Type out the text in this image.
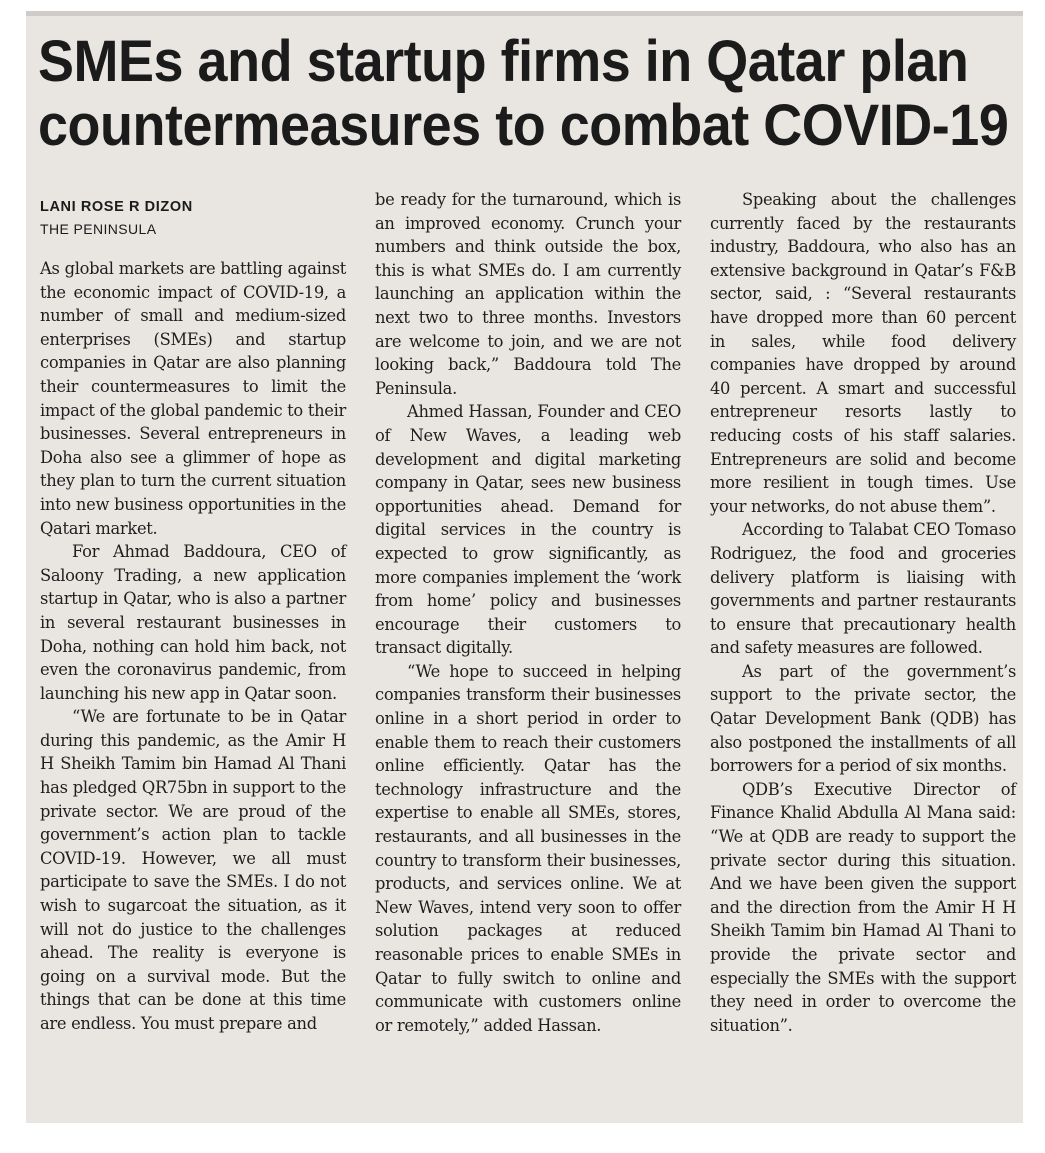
SMEs and startup firms in Qatar plan
countermeasures to combat COVID-19
LANI ROSE R DIZON
THE PENINSULA

As global markets are battling against the economic impact of COVID-19, a number of small and medium-sized enterprises (SMEs) and startup companies in Qatar are also planning their countermeasures to limit the impact of the global pandemic to their businesses. Several entrepreneurs in Doha also see a glimmer of hope as they plan to turn the current situation into new business opportunities in the Qatari market.

For Ahmad Baddoura, CEO of Saloony Trading, a new application startup in Qatar, who is also a partner in several restaurant businesses in Doha, nothing can hold him back, not even the coronavirus pandemic, from launching his new app in Qatar soon.

“We are fortunate to be in Qatar during this pandemic, as the Amir H H Sheikh Tamim bin Hamad Al Thani has pledged QR75bn in support to the private sector. We are proud of the government’s action plan to tackle COVID-19. However, we all must participate to save the SMEs. I do not wish to sugarcoat the situation, as it will not do justice to the challenges ahead. The reality is everyone is going on a survival mode. But the things that can be done at this time are endless. You must prepare and

be ready for the turnaround, which is an improved economy. Crunch your numbers and think outside the box, this is what SMEs do. I am currently launching an application within the next two to three months. Investors are welcome to join, and we are not looking back,” Baddoura told The Peninsula.

Ahmed Hassan, Founder and CEO of New Waves, a leading web development and digital marketing company in Qatar, sees new business opportunities ahead. Demand for digital services in the country is expected to grow significantly, as more companies implement the ‘work from home’ policy and businesses encourage their customers to transact digitally.

“We hope to succeed in helping companies transform their businesses online in a short period in order to enable them to reach their customers online efficiently. Qatar has the technology infrastructure and the expertise to enable all SMEs, stores, restaurants, and all businesses in the country to transform their businesses, products, and services online. We at New Waves, intend very soon to offer solution packages at reduced reasonable prices to enable SMEs in Qatar to fully switch to online and communicate with customers online or remotely,” added Hassan.

Speaking about the challenges currently faced by the restaurants industry, Baddoura, who also has an extensive background in Qatar’s F&B sector, said, : “Several restaurants have dropped more than 60 percent in sales, while food delivery companies have dropped by around 40 percent. A smart and successful entrepreneur resorts lastly to reducing costs of his staff salaries. Entrepreneurs are solid and become more resilient in tough times. Use your networks, do not abuse them”.

According to Talabat CEO Tomaso Rodriguez, the food and groceries delivery platform is liaising with governments and partner restaurants to ensure that precautionary health and safety measures are followed.

As part of the government’s support to the private sector, the Qatar Development Bank (QDB) has also postponed the installments of all borrowers for a period of six months.

QDB’s Executive Director of Finance Khalid Abdulla Al Mana said: “We at QDB are ready to support the private sector during this situation. And we have been given the support and the direction from the Amir H H Sheikh Tamim bin Hamad Al Thani to provide the private sector and especially the SMEs with the support they need in order to overcome the situation”.
